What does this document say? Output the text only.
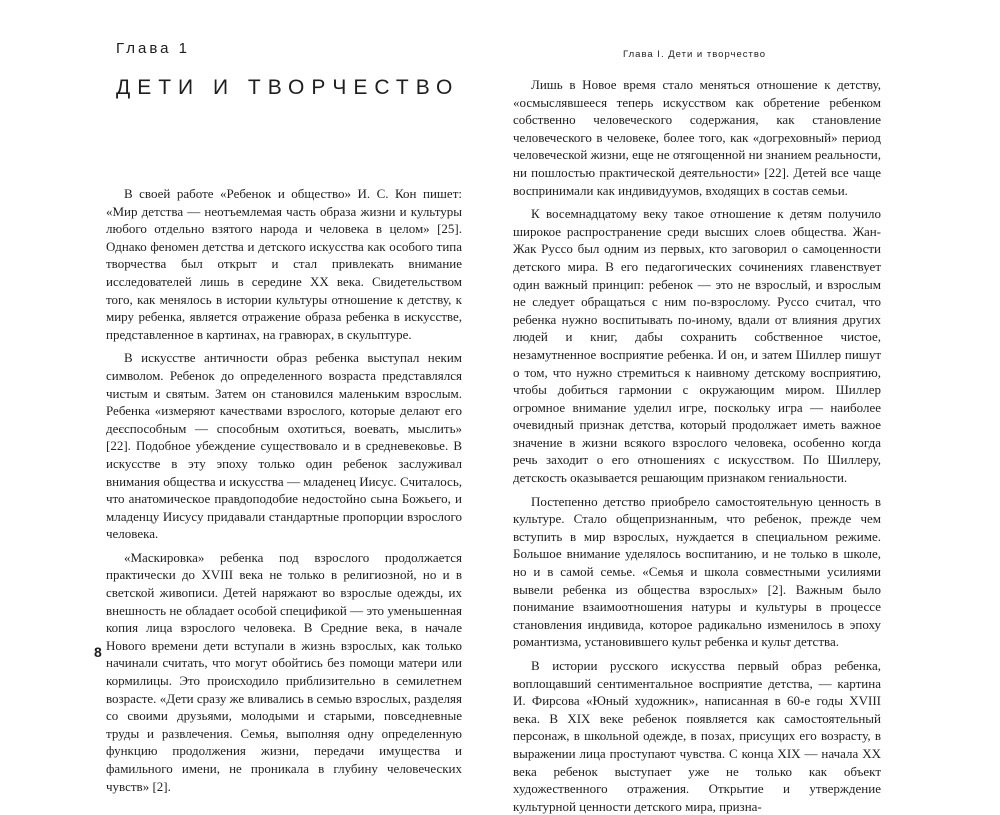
Глава 1
ДЕТИ И ТВОРЧЕСТВО

В своей работе «Ребенок и общество» И. С. Кон пишет: «Мир детства — неотъемлемая часть образа жизни и культуры любого отдельно взятого народа и человека в целом» [25]. Однако феномен детства и детского искусства как особого типа творчества был открыт и стал привлекать внимание исследователей лишь в середине XX века. Свидетельством того, как менялось в истории культуры отношение к детству, к миру ребенка, является отражение образа ребенка в искусстве, представленное в картинах, на гравюрах, в скульптуре.

В искусстве античности образ ребенка выступал неким символом. Ребенок до определенного возраста представлялся чистым и святым. Затем он становился маленьким взрослым. Ребенка «измеряют качествами взрослого, которые делают его деєспособным — способным охотиться, воевать, мыслить» [22]. Подобное убеждение существовало и в средневековье. В искусстве в эту эпоху только один ребенок заслуживал внимания общества и искусства — младенец Иисус. Считалось, что анатомическое правдоподобие недостойно сына Божьего, и младенцу Иисусу придавали стандартные пропорции взрослого человека.

«Маскировка» ребенка под взрослого продолжается практически до XVIII века не только в религиозной, но и в светской живописи. Детей наряжают во взрослые одежды, их внешность не обладает особой спецификой — это уменьшенная копия лица взрослого человека. В Средние века, в начале Нового времени дети вступали в жизнь взрослых, как только начинали считать, что могут обойтись без помощи матери или кормилицы. Это происходило приблизительно в семилетнем возрасте. «Дети сразу же вливались в семью взрослых, разделяя со своими друзьями, молодыми и старыми, повседневные труды и развлечения. Семья, выполняя одну определенную функцию продолжения жизни, передачи имущества и фамильного имени, не проникала в глубину человеческих чувств» [2].

8
Глава I. Дети и творчество

Лишь в Новое время стало меняться отношение к детству, «осмыслявшееся теперь искусством как обретение ребенком собственно человеческого содержания, как становление человеческого в человеке, более того, как «догреховный» период человеческой жизни, еще не отягощенной ни знанием реальности, ни пошлостью практической деятельности» [22]. Детей все чаще воспринимали как индивидуумов, входящих в состав семьи.

К восемнадцатому веку такое отношение к детям получило широкое распространение среди высших слоев общества. Жан-Жак Руссо был одним из первых, кто заговорил о самоценности детского мира. В его педагогических сочинениях главенствует один важный принцип: ребенок — это не взрослый, и взрослым не следует обращаться с ним по-взрослому. Руссо считал, что ребенка нужно воспитывать по-иному, вдали от влияния других людей и книг, дабы сохранить собственное чистое, незамутненное восприятие ребенка. И он, и затем Шиллер пишут о том, что нужно стремиться к наивному детскому восприятию, чтобы добиться гармонии с окружающим миром. Шиллер огромное внимание уделил игре, поскольку игра — наиболее очевидный признак детства, который продолжает иметь важное значение в жизни всякого взрослого человека, особенно когда речь заходит о его отношениях с искусством. По Шиллеру, детскость оказывается решающим признаком гениальности.

Постепенно детство приобрело самостоятельную ценность в культуре. Стало общепризнанным, что ребенок, прежде чем вступить в мир взрослых, нуждается в специальном режиме. Большое внимание уделялось воспитанию, и не только в школе, но и в самой семье. «Семья и школа совместными усилиями вывели ребенка из общества взрослых» [2]. Важным было понимание взаимоотношения натуры и культуры в процессе становления индивида, которое радикально изменилось в эпоху романтизма, установившего культ ребенка и культ детства.

В истории русского искусства первый образ ребенка, воплощавший сентиментальное восприятие детства, — картина И. Фирсова «Юный художник», написанная в 60-е годы XVIII века. В XIX веке ребенок появляется как самостоятельный персонаж, в школьной одежде, в позах, присущих его возрасту, в выражении лица проступают чувства. С конца XIX — начала XX века ребенок выступает уже не только как объект художественного отражения. Открытие и утверждение культурной ценности детского мира, призна-
